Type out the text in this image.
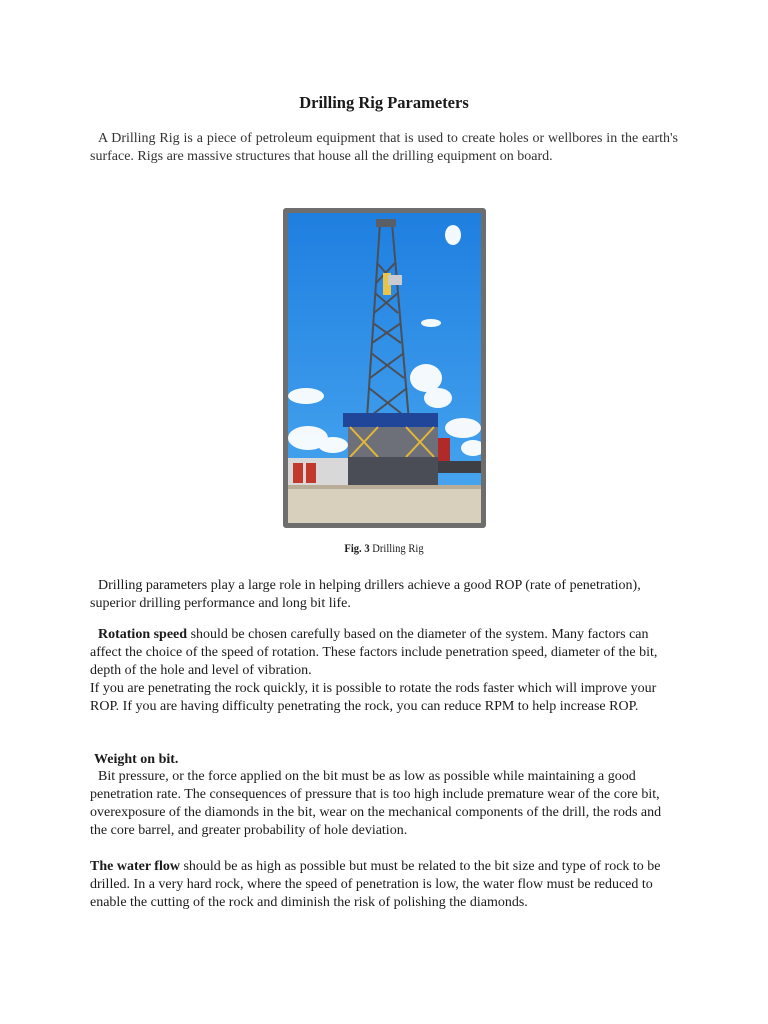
Drilling Rig Parameters

A Drilling Rig is a piece of petroleum equipment that is used to create holes or wellbores in the earth's surface. Rigs are massive structures that house all the drilling equipment on board.

Fig. 3 Drilling Rig

Drilling parameters play a large role in helping drillers achieve a good ROP (rate of penetration), superior drilling performance and long bit life.

Rotation speed should be chosen carefully based on the diameter of the system. Many factors can affect the choice of the speed of rotation. These factors include penetration speed, diameter of the bit, depth of the hole and level of vibration.

If you are penetrating the rock quickly, it is possible to rotate the rods faster which will improve your ROP. If you are having difficulty penetrating the rock, you can reduce RPM to help increase ROP.

Weight on bit.

Bit pressure, or the force applied on the bit must be as low as possible while maintaining a good penetration rate. The consequences of pressure that is too high include premature wear of the core bit, overexposure of the diamonds in the bit, wear on the mechanical components of the drill, the rods and the core barrel, and greater probability of hole deviation.

The water flow should be as high as possible but must be related to the bit size and type of rock to be drilled. In a very hard rock, where the speed of penetration is low, the water flow must be reduced to enable the cutting of the rock and diminish the risk of polishing the diamonds.
